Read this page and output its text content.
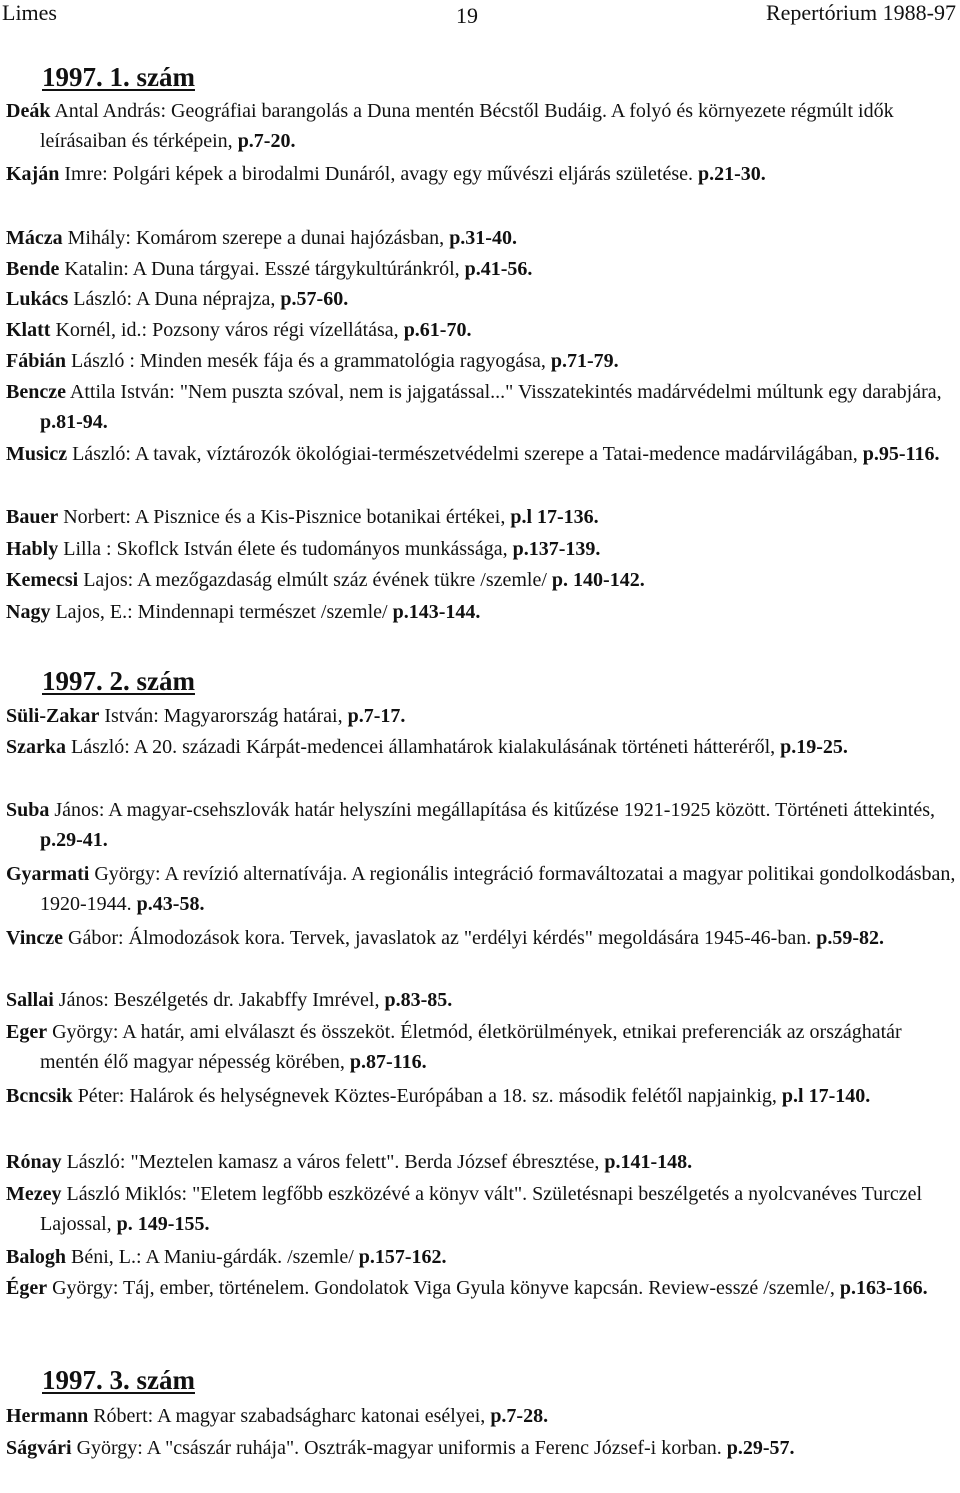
Limes	19	Repertórium 1988-97
1997. 1. szám
Deák Antal András: Geográfiai barangolás a Duna mentén Bécstől Budáig. A folyó és környezete régmúlt idők leírásaiban és térképein, p.7-20.
Kaján Imre: Polgári képek a birodalmi Dunáról, avagy egy művészi eljárás születése. p.21-30.
Mácza Mihály: Komárom szerepe a dunai hajózásban, p.31-40.
Bende Katalin: A Duna tárgyai. Esszé tárgykultúránkról, p.41-56.
Lukács László: A Duna néprajza, p.57-60.
Klatt Kornél, id.: Pozsony város régi vízellátása, p.61-70.
Fábián László : Minden mesék fája és a grammatológia ragyogása, p.71-79.
Bencze Attila István: "Nem puszta szóval, nem is jajgatással..." Visszatekintés madárvédelmi múltunk egy darabjára, p.81-94.
Musicz László: A tavak, víztározók ökológiai-természetvédelmi szerepe a Tatai-medence madárvilágában, p.95-116.
Bauer Norbert: A Pisznice és a Kis-Pisznice botanikai értékei, p.l 17-136.
Hably Lilla : Skoflck István élete és tudományos munkássága, p.137-139.
Kemecsi Lajos: A mezőgazdaság elmúlt száz évének tükre /szemle/ p. 140-142.
Nagy Lajos, E.: Mindennapi természet /szemle/ p.143-144.
1997. 2. szám
Süli-Zakar István: Magyarország határai, p.7-17.
Szarka László: A 20. századi Kárpát-medencei államhatárok kialakulásának történeti hátteréről, p.19-25.
Suba János: A magyar-csehszlovák határ helyszíni megállapítása és kitűzése 1921-1925 között. Történeti áttekintés, p.29-41.
Gyarmati György: A revízió alternatívája. A regionális integráció formaváltozatai a magyar politikai gondolkodásban, 1920-1944. p.43-58.
Vincze Gábor: Álmodozások kora. Tervek, javaslatok az "erdélyi kérdés" megoldására 1945-46-ban. p.59-82.
Sallai János: Beszélgetés dr. Jakabffy Imrével, p.83-85.
Eger György: A határ, ami elválaszt és összeköt. Életmód, életkörülmények, etnikai preferenciák az országhatár mentén élő magyar népesség körében, p.87-116.
Bcncsik Péter: Halárok és helységnevek Köztes-Európában a 18. sz. második felétől napjainkig, p.l 17-140.
Rónay László: "Meztelen kamasz a város felett". Berda József ébresztése, p.141-148.
Mezey László Miklós: "Eletem legfőbb eszközévé a könyv vált". Születésnapi beszélgetés a nyolcvanéves Turczel Lajossal, p. 149-155.
Balogh Béni, L.: A Maniu-gárdák. /szemle/ p.157-162.
Éger György: Táj, ember, történelem. Gondolatok Viga Gyula könyve kapcsán. Review-esszé /szemle/, p.163-166.
1997. 3. szám
Hermann Róbert: A magyar szabadságharc katonai esélyei, p.7-28.
Ságvári György: A "császár ruhája". Osztrák-magyar uniformis a Ferenc József-i korban. p.29-57.
